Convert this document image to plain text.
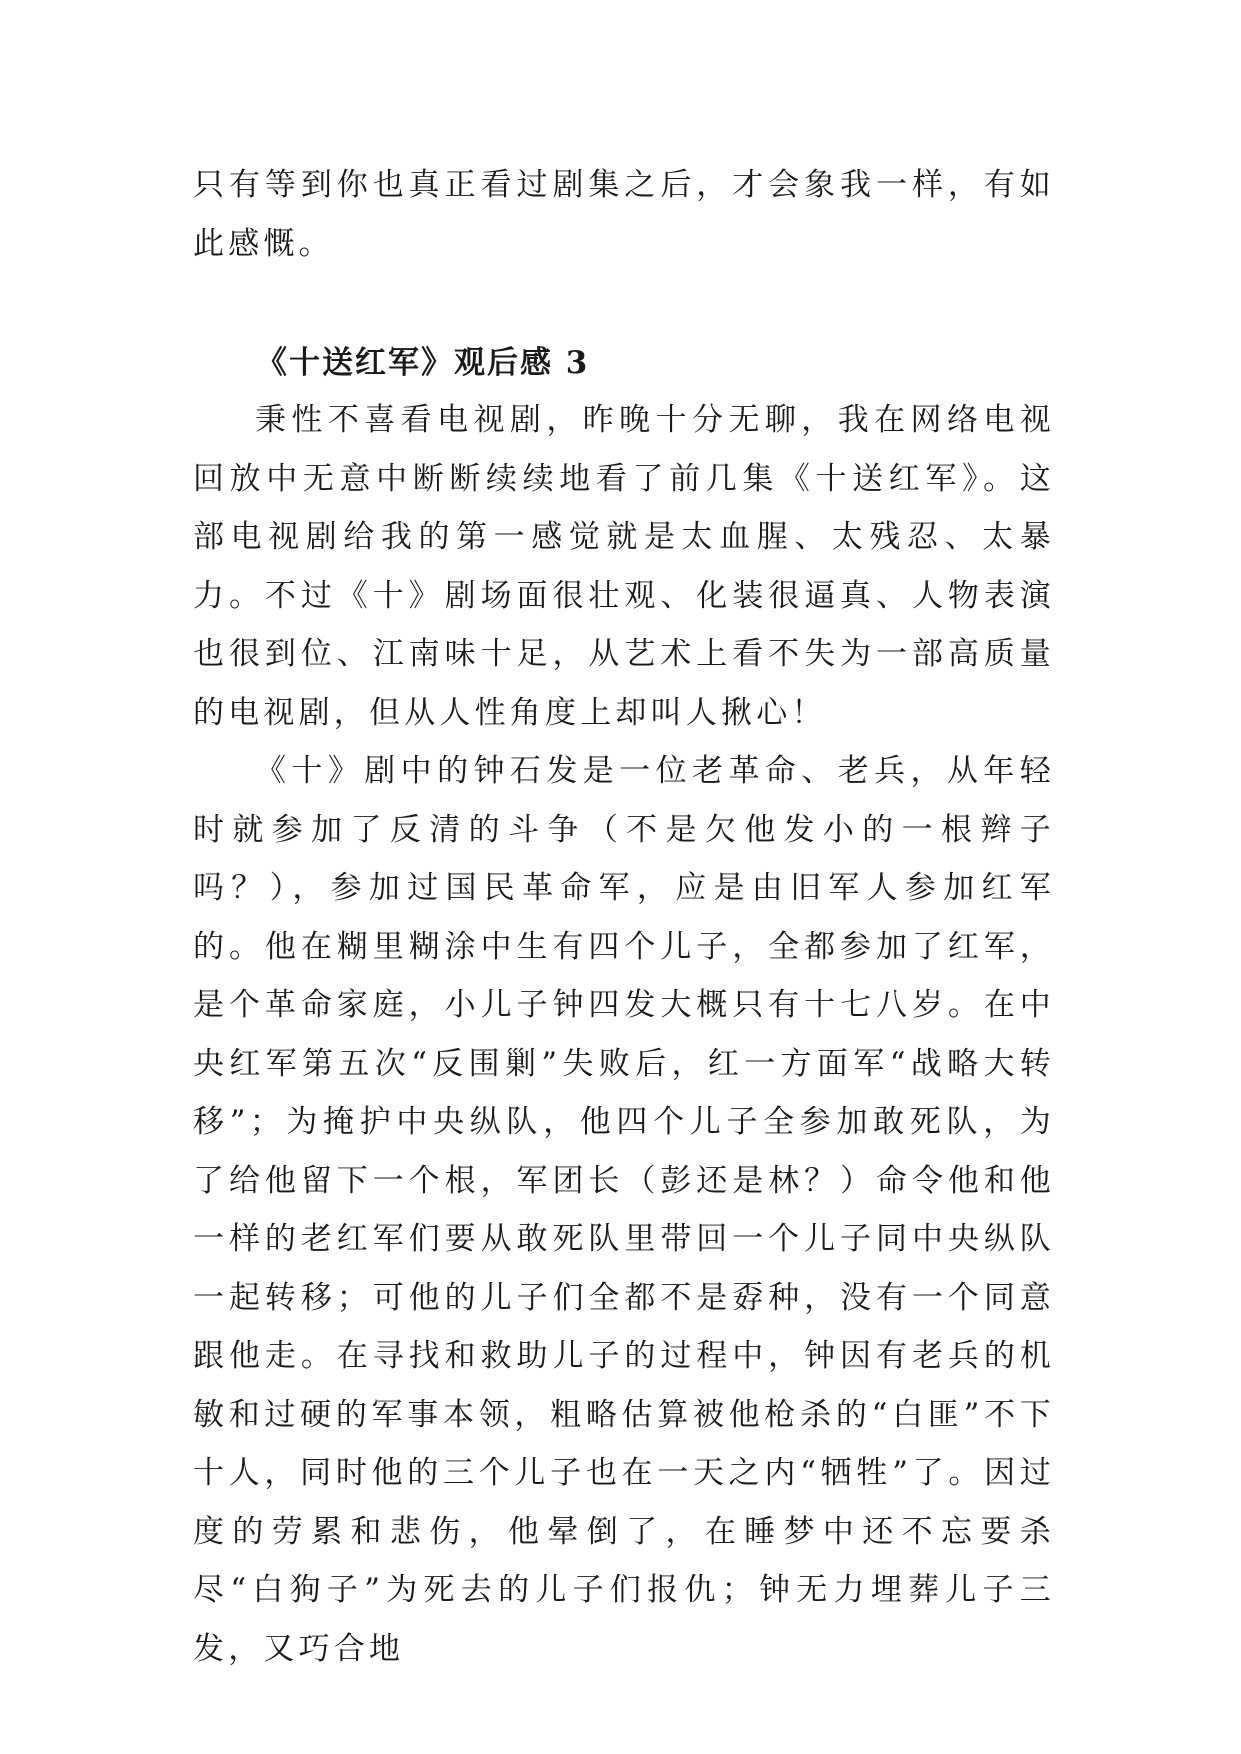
只有等到你也真正看过剧集之后，才会象我一样，有如此感慨。

《十送红军》观后感 3

秉性不喜看电视剧，昨晚十分无聊，我在网络电视回放中无意中断断续续地看了前几集《十送红军》。这部电视剧给我的第一感觉就是太血腥、太残忍、太暴力。不过《十》剧场面很壮观、化装很逼真、人物表演也很到位、江南味十足，从艺术上看不失为一部高质量的电视剧，但从人性角度上却叫人揪心！

《十》剧中的钟石发是一位老革命、老兵，从年轻时就参加了反清的斗争（不是欠他发小的一根辫子吗？），参加过国民革命军，应是由旧军人参加红军的。他在糊里糊涂中生有四个儿子，全都参加了红军，是个革命家庭，小儿子钟四发大概只有十七八岁。在中央红军第五次“反围剿”失败后，红一方面军“战略大转移”；为掩护中央纵队，他四个儿子全参加敢死队，为了给他留下一个根，军团长（彭还是林？）命令他和他一样的老红军们要从敢死队里带回一个儿子同中央纵队一起转移；可他的儿子们全都不是孬种，没有一个同意跟他走。在寻找和救助儿子的过程中，钟因有老兵的机敏和过硬的军事本领，粗略估算被他枪杀的“白匪”不下十人，同时他的三个儿子也在一天之内“牺牲”了。因过度的劳累和悲伤，他晕倒了，在睡梦中还不忘要杀尽“白狗子”为死去的儿子们报仇；钟无力埋葬儿子三发，又巧合地
